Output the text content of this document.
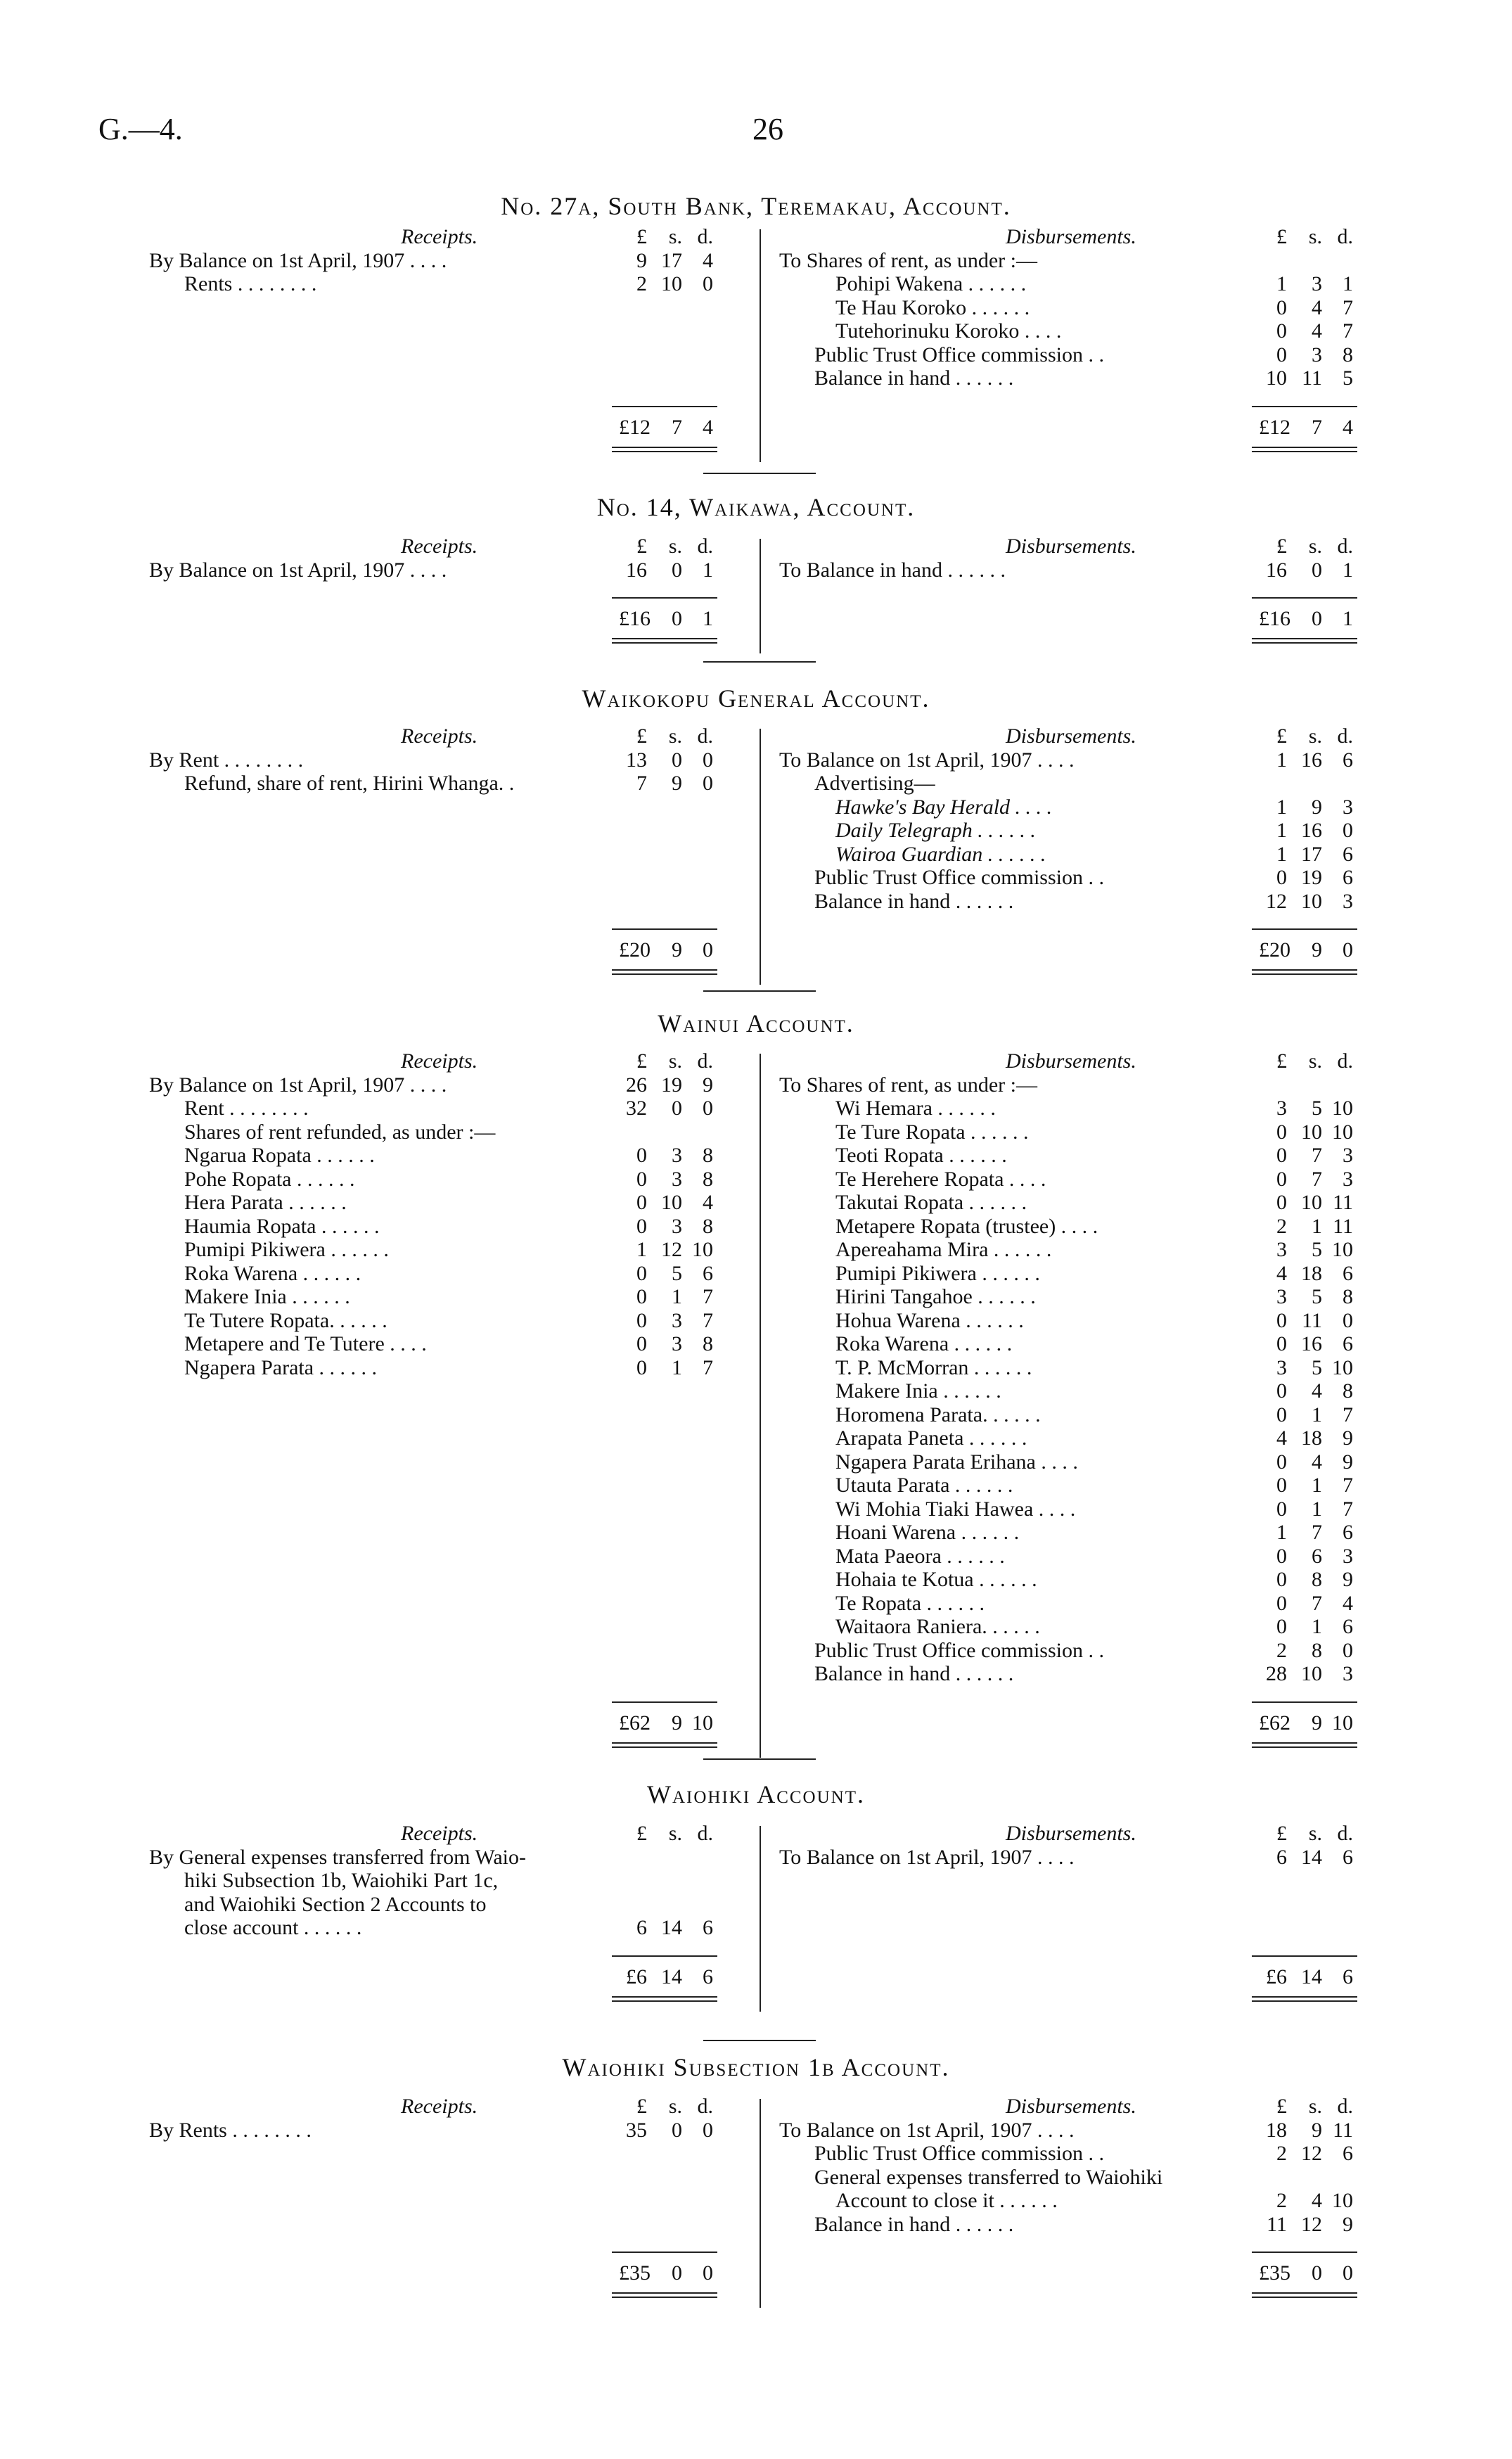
G.—4.	26
No. 27a, South Bank, Teremakau, Account.
Receipts.	£ s. d.	Disbursements.	£ s. d.
By Balance on 1st April, 1907 . . . .	9 17 4
Rents . . . . . . . .	2 10 0
To Shares of rent, as under :—
Pohipi Wakena . . . . . .	1 3 1
Te Hau Koroko . . . . . .	0 4 7
Tutehorinuku Koroko . . . .	0 4 7
Public Trust Office commission . .	0 3 8
Balance in hand . . . . . .	10 11 5
£12 7 4	£12 7 4
No. 14, Waikawa, Account.
Receipts.	£ s. d.	Disbursements.	£ s. d.
By Balance on 1st April, 1907 . . . .	16 0 1	To Balance in hand . . . . . .	16 0 1
£16 0 1	£16 0 1
Waikokopu General Account.
Receipts.	£ s. d.	Disbursements.	£ s. d.
By Rent . . . . . . . .	13 0 0
Refund, share of rent, Hirini Whanga. .	7 9 0
To Balance on 1st April, 1907 . . . .	1 16 6
Advertising—
Hawke's Bay Herald . . . .	1 9 3
Daily Telegraph . . . . . .	1 16 0
Wairoa Guardian . . . . . .	1 17 6
Public Trust Office commission . .	0 19 6
Balance in hand . . . . . .	12 10 3
£20 9 0	£20 9 0
Wainui Account.
Receipts.	£ s. d.	Disbursements.	£ s. d.
By Balance on 1st April, 1907 . . . .	26 19 9
Rent . . . . . . . .	32 0 0
Shares of rent refunded, as under :—
Ngarua Ropata . . . . . .	0 3 8
Pohe Ropata . . . . . .	0 3 8
Hera Parata . . . . . .	0 10 4
Haumia Ropata . . . . . .	0 3 8
Pumipi Pikiwera . . . . . .	1 12 10
Roka Warena . . . . . .	0 5 6
Makere Inia . . . . . .	0 1 7
Te Tutere Ropata. . . . . .	0 3 7
Metapere and Te Tutere . . . .	0 3 8
Ngapera Parata . . . . . .	0 1 7
To Shares of rent, as under :—
Wi Hemara . . . . . .	3 5 10
Te Ture Ropata . . . . . .	0 10 10
Teoti Ropata . . . . . .	0 7 3
Te Herehere Ropata . . . .	0 7 3
Takutai Ropata . . . . . .	0 10 11
Metapere Ropata (trustee) . . . .	2 1 11
Apereahama Mira . . . . . .	3 5 10
Pumipi Pikiwera . . . . . .	4 18 6
Hirini Tangahoe . . . . . .	3 5 8
Hohua Warena . . . . . .	0 11 0
Roka Warena . . . . . .	0 16 6
T. P. McMorran . . . . . .	3 5 10
Makere Inia . . . . . .	0 4 8
Horomena Parata. . . . . .	0 1 7
Arapata Paneta . . . . . .	4 18 9
Ngapera Parata Erihana . . . .	0 4 9
Utauta Parata . . . . . .	0 1 7
Wi Mohia Tiaki Hawea . . . .	0 1 7
Hoani Warena . . . . . .	1 7 6
Mata Paeora . . . . . .	0 6 3
Hohaia te Kotua . . . . . .	0 8 9
Te Ropata . . . . . .	0 7 4
Waitaora Raniera. . . . . .	0 1 6
Public Trust Office commission . .	2 8 0
Balance in hand . . . . . .	28 10 3
£62 9 10	£62 9 10
Waiohiki Account.
Receipts.	£ s. d.	Disbursements.	£ s. d.
By General expenses transferred from Waio-
hiki Subsection 1b, Waiohiki Part 1c,
and Waiohiki Section 2 Accounts to
close account . . . . . .	6 14 6
To Balance on 1st April, 1907 . . . .	6 14 6
£6 14 6	£6 14 6
Waiohiki Subsection 1b Account.
Receipts.	£ s. d.	Disbursements.	£ s. d.
By Rents . . . . . . . .	35 0 0	To Balance on 1st April, 1907 . . . .	18 9 11
Public Trust Office commission . .	2 12 6
General expenses transferred to Waiohiki
Account to close it . . . . . .	2 4 10
Balance in hand . . . . . .	11 12 9
£35 0 0	£35 0 0
